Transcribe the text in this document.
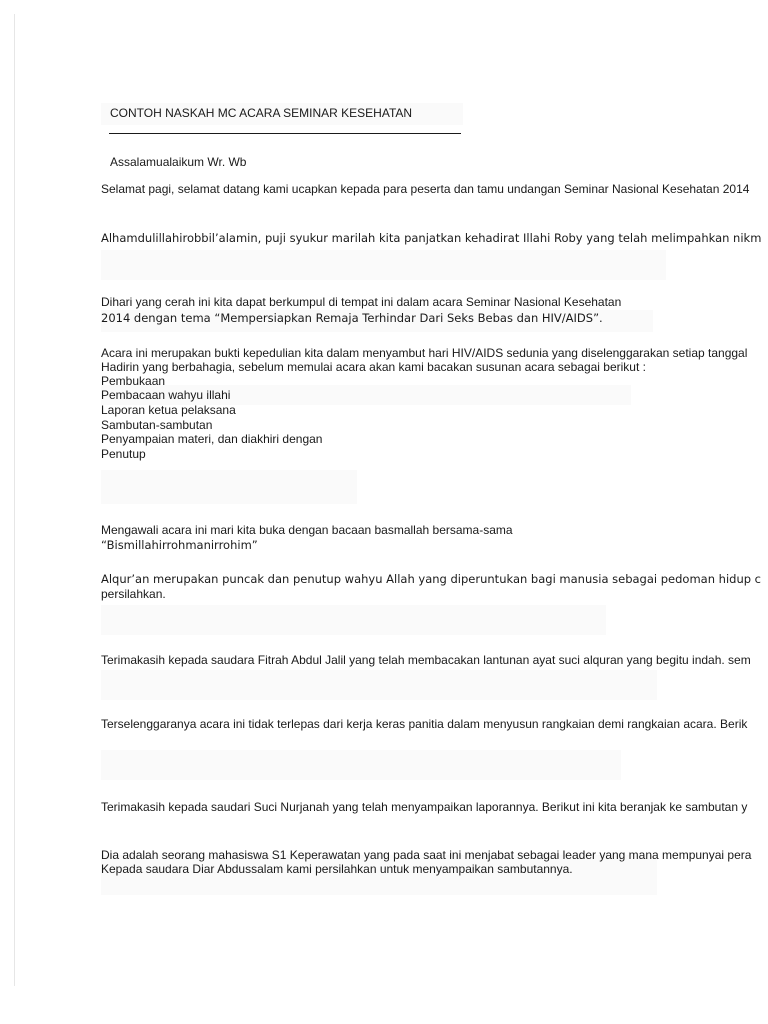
CONTOH NASKAH MC ACARA SEMINAR KESEHATAN
Assalamualaikum Wr. Wb
Selamat pagi, selamat datang kami ucapkan kepada para peserta dan tamu undangan Seminar Nasional Kesehatan 2014
Alhamdulillahirobbil’alamin, puji syukur marilah kita panjatkan kehadirat Illahi Roby yang telah melimpahkan nikm
Dihari yang cerah ini kita dapat berkumpul di tempat ini dalam acara Seminar Nasional Kesehatan
2014 dengan tema “Mempersiapkan Remaja Terhindar Dari Seks Bebas dan HIV/AIDS”.
Acara ini merupakan bukti kepedulian kita dalam menyambut hari HIV/AIDS sedunia yang diselenggarakan setiap tanggal
Hadirin yang berbahagia, sebelum memulai acara akan kami bacakan susunan acara sebagai berikut :
Pembukaan
Pembacaan wahyu illahi
Laporan ketua pelaksana
Sambutan-sambutan
Penyampaian materi, dan diakhiri dengan
Penutup
Mengawali acara ini mari kita buka dengan bacaan basmallah bersama-sama
“Bismillahirrohmanirrohim”
Alqur’an merupakan puncak dan penutup wahyu Allah yang diperuntukan bagi manusia sebagai pedoman hidup c
persilahkan.
Terimakasih kepada saudara Fitrah Abdul Jalil yang telah membacakan lantunan ayat suci alquran yang begitu indah. sem
Terselenggaranya acara ini tidak terlepas dari kerja keras panitia dalam menyusun rangkaian demi rangkaian acara. Berik
Terimakasih kepada saudari Suci Nurjanah yang telah menyampaikan laporannya. Berikut ini kita beranjak ke sambutan y
Dia adalah seorang mahasiswa S1 Keperawatan yang pada saat ini menjabat sebagai leader yang mana mempunyai pera
Kepada saudara Diar Abdussalam kami persilahkan untuk menyampaikan sambutannya.
